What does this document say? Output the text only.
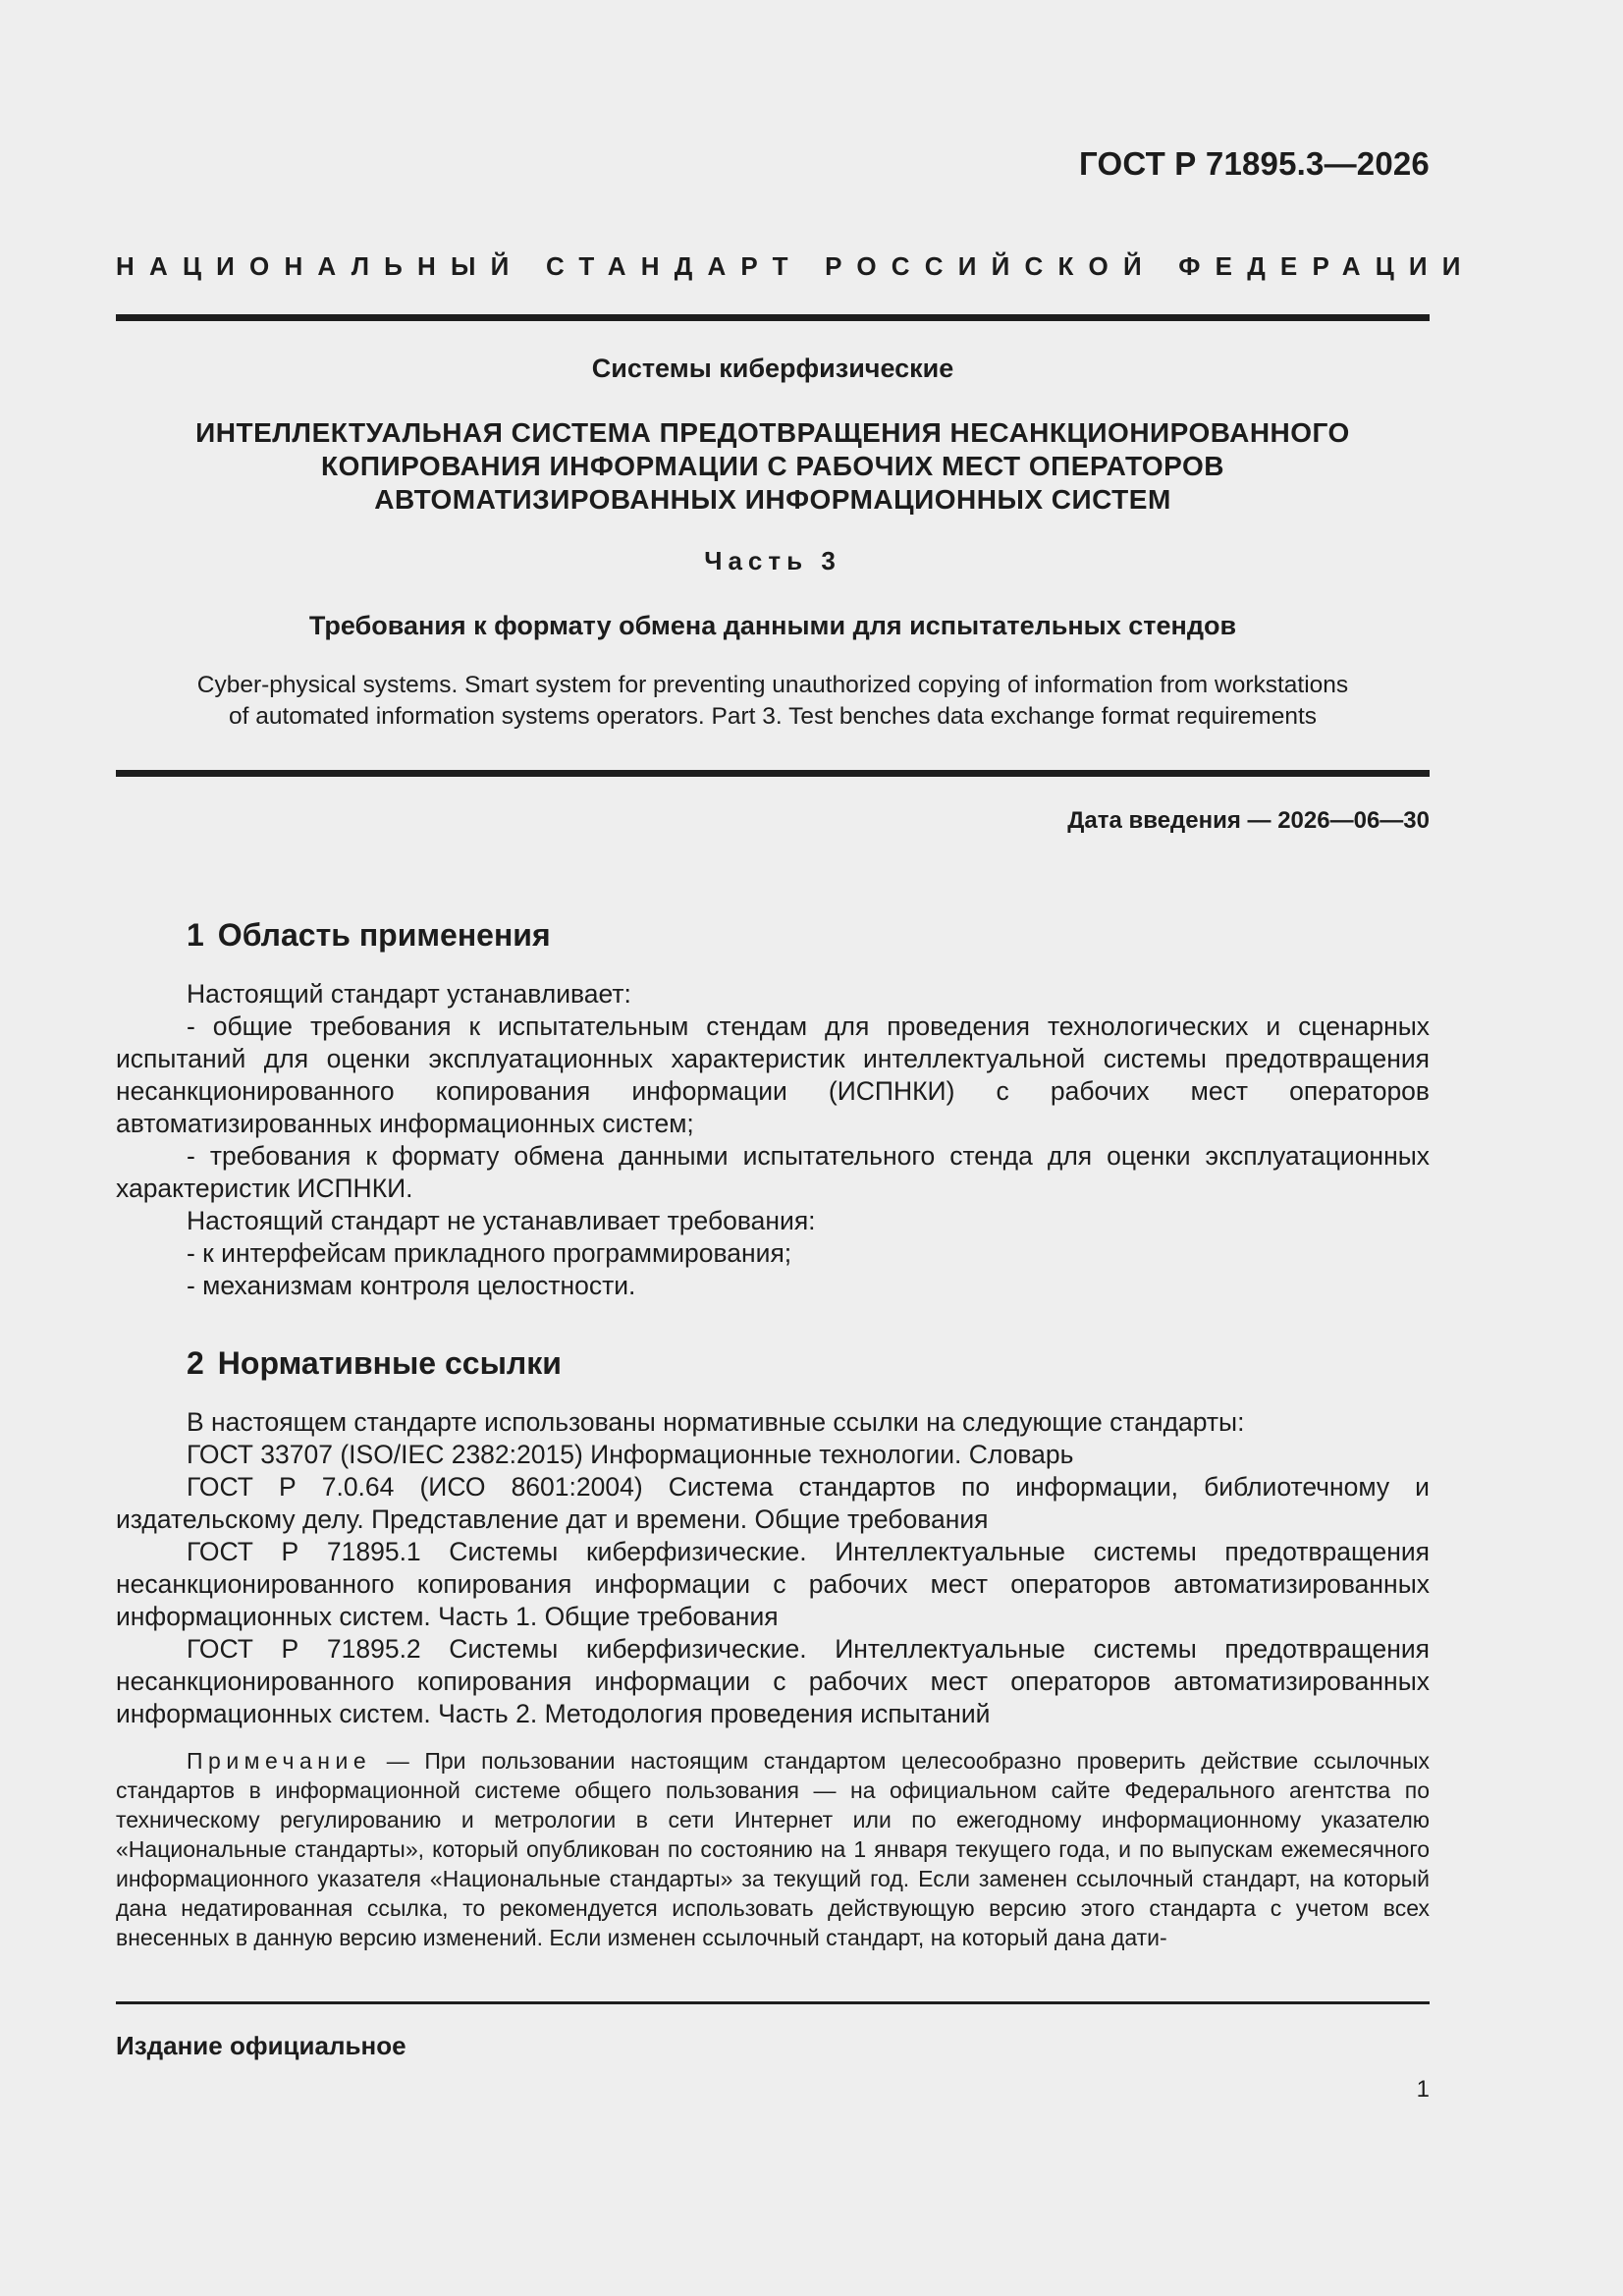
ГОСТ Р 71895.3—2026
НАЦИОНАЛЬНЫЙ СТАНДАРТ РОССИЙСКОЙ ФЕДЕРАЦИИ
Системы киберфизические
ИНТЕЛЛЕКТУАЛЬНАЯ СИСТЕМА ПРЕДОТВРАЩЕНИЯ НЕСАНКЦИОНИРОВАННОГО
КОПИРОВАНИЯ ИНФОРМАЦИИ С РАБОЧИХ МЕСТ ОПЕРАТОРОВ
АВТОМАТИЗИРОВАННЫХ ИНФОРМАЦИОННЫХ СИСТЕМ
Часть 3
Требования к формату обмена данными для испытательных стендов
Cyber-physical systems. Smart system for preventing unauthorized copying of information from workstations
of automated information systems operators. Part 3. Test benches data exchange format requirements
Дата введения — 2026—06—30
1 Область применения

Настоящий стандарт устанавливает:

- общие требования к испытательным стендам для проведения технологических и сценарных испытаний для оценки эксплуатационных характеристик интеллектуальной системы предотвращения несанкционированного копирования информации (ИСПНКИ) с рабочих мест операторов автоматизированных информационных систем;

- требования к формату обмена данными испытательного стенда для оценки эксплуатационных характеристик ИСПНКИ.

Настоящий стандарт не устанавливает требования:

- к интерфейсам прикладного программирования;

- механизмам контроля целостности.

2 Нормативные ссылки

В настоящем стандарте использованы нормативные ссылки на следующие стандарты:

ГОСТ 33707 (ISO/IEC 2382:2015) Информационные технологии. Словарь

ГОСТ Р 7.0.64 (ИСО 8601:2004) Система стандартов по информации, библиотечному и издательскому делу. Представление дат и времени. Общие требования

ГОСТ Р 71895.1 Системы киберфизические. Интеллектуальные системы предотвращения несанкционированного копирования информации с рабочих мест операторов автоматизированных информационных систем. Часть 1. Общие требования

ГОСТ Р 71895.2 Системы киберфизические. Интеллектуальные системы предотвращения несанкционированного копирования информации с рабочих мест операторов автоматизированных информационных систем. Часть 2. Методология проведения испытаний

Примечание — При пользовании настоящим стандартом целесообразно проверить действие ссылочных стандартов в информационной системе общего пользования — на официальном сайте Федерального агентства по техническому регулированию и метрологии в сети Интернет или по ежегодному информационному указателю «Национальные стандарты», который опубликован по состоянию на 1 января текущего года, и по выпускам ежемесячного информационного указателя «Национальные стандарты» за текущий год. Если заменен ссылочный стандарт, на который дана недатированная ссылка, то рекомендуется использовать действующую версию этого стандарта с учетом всех внесенных в данную версию изменений. Если изменен ссылочный стандарт, на который дана дати-
Издание официальное
1
